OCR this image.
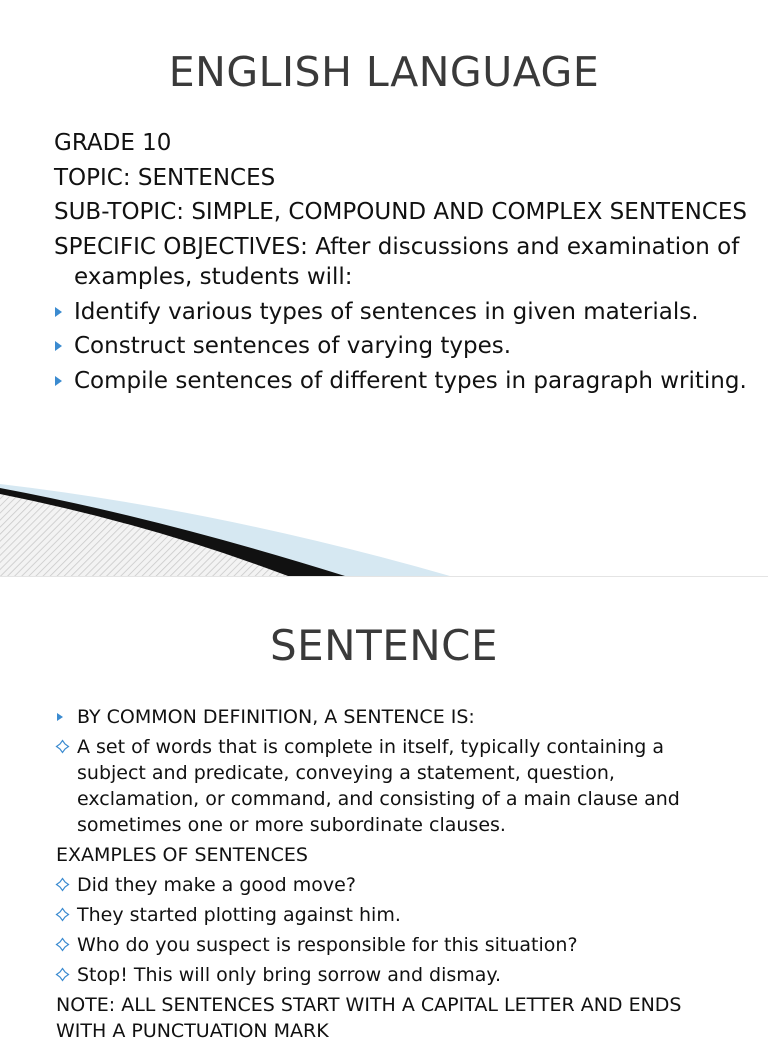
ENGLISH LANGUAGE
GRADE 10
TOPIC: SENTENCES
SUB-TOPIC: SIMPLE, COMPOUND AND COMPLEX SENTENCES
SPECIFIC OBJECTIVES: After discussions and examination of examples, students will:
Identify various types of sentences in given materials.
Construct sentences of varying types.
Compile sentences of different types in paragraph writing.
SENTENCE
BY COMMON DEFINITION, A SENTENCE IS:
A set of words that is complete in itself, typically containing a subject and predicate, conveying a statement, question, exclamation, or command, and consisting of a main clause and sometimes one or more subordinate clauses.
EXAMPLES OF SENTENCES
Did they make a good move?
They started plotting against him.
Who do you suspect is responsible for this situation?
Stop! This will only bring sorrow and dismay.
NOTE: ALL SENTENCES START WITH A CAPITAL LETTER AND ENDS WITH A PUNCTUATION MARK
